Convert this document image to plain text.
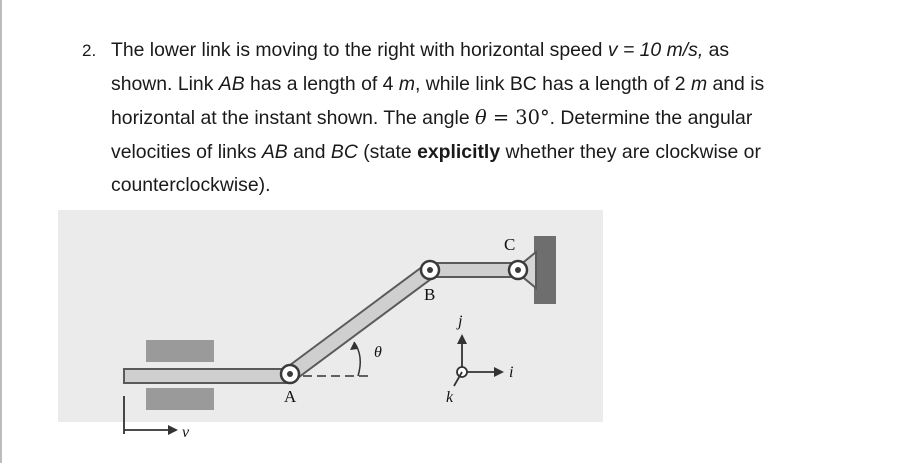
2. The lower link is moving to the right with horizontal speed v = 10 m/s, as
shown. Link AB has a length of 4 m, while link BC has a length of 2 m and is
horizontal at the instant shown. The angle θ = 30°. Determine the angular
velocities of links AB and BC (state explicitly whether they are clockwise or
counterclockwise).
A
B
C
θ
v
i
j
k
